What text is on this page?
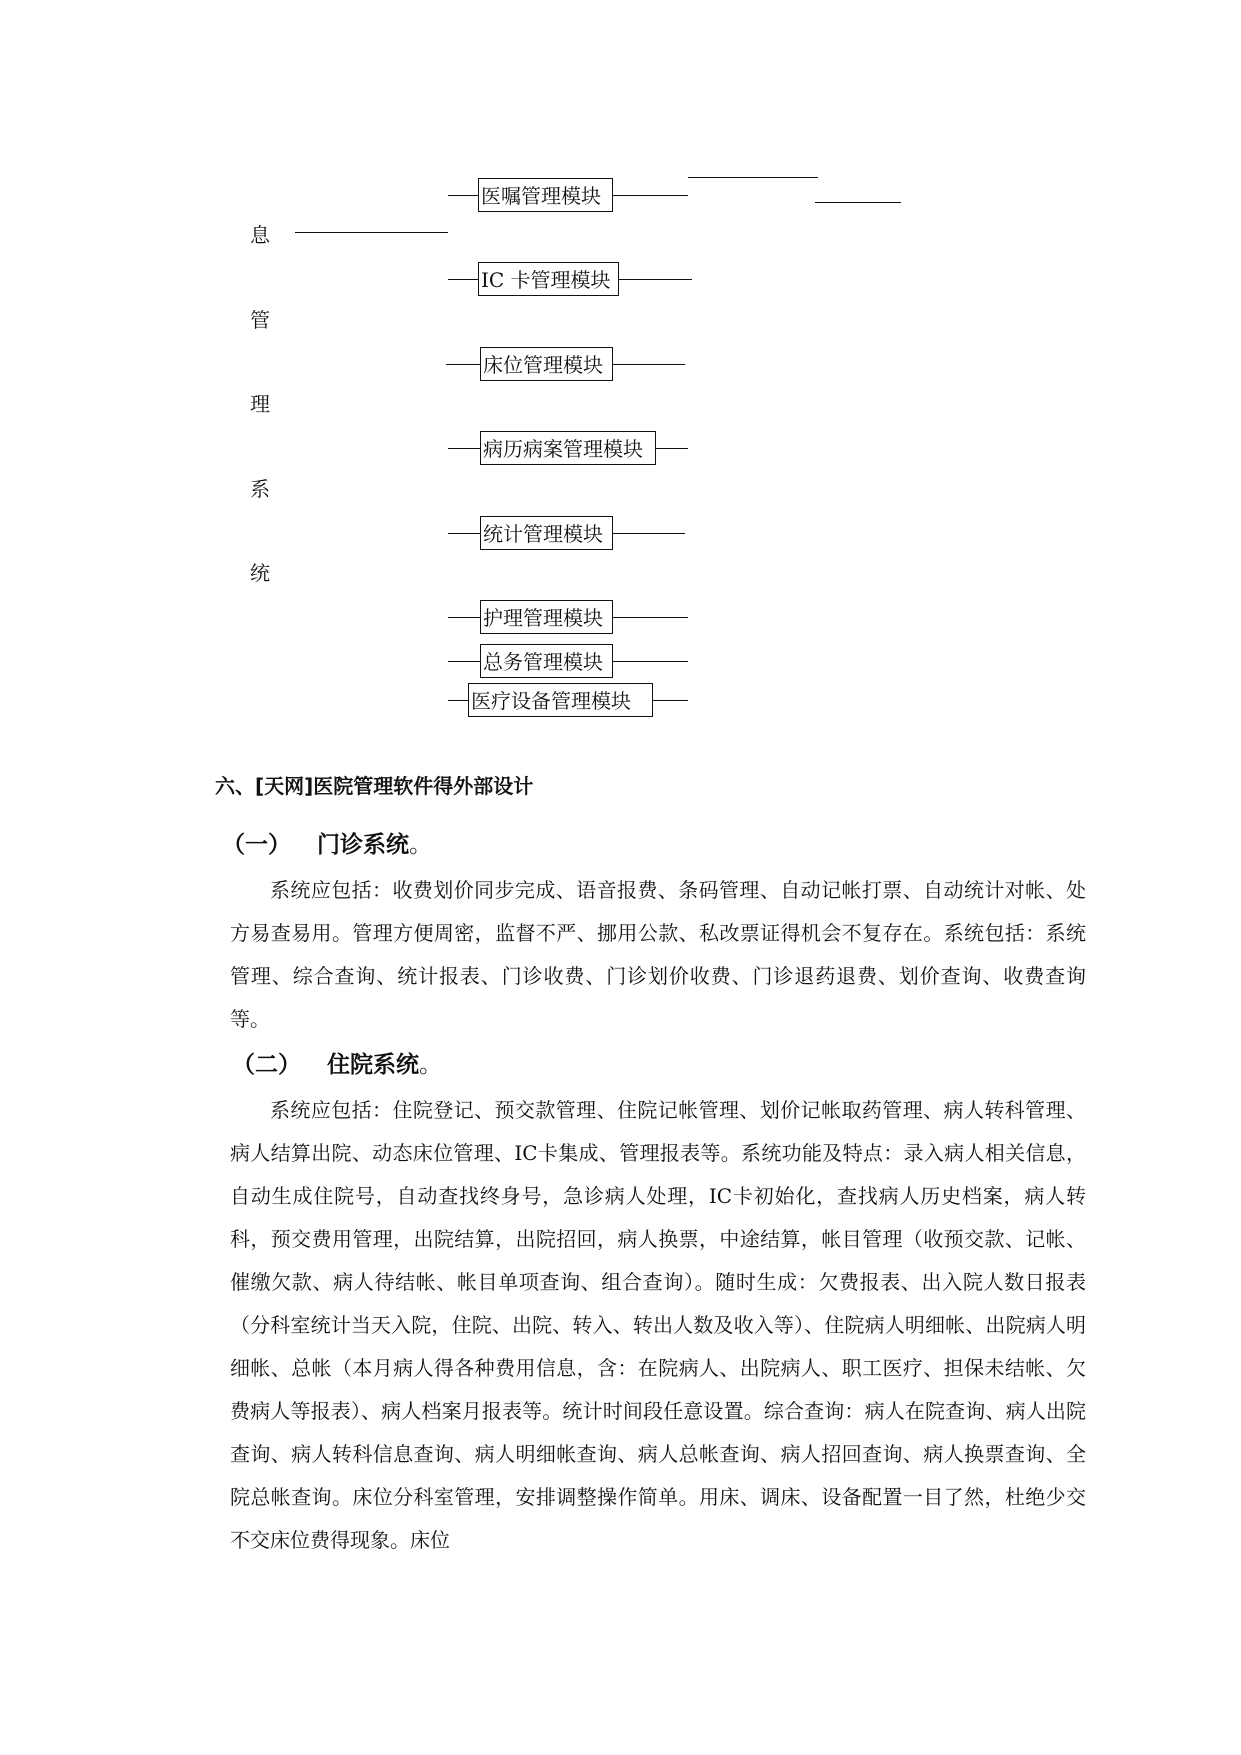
息
管
理
系
统
医嘱管理模块
IC 卡管理模块
床位管理模块
病历病案管理模块
统计管理模块
护理管理模块
总务管理模块
医疗设备管理模块
六、[天网]医院管理软件得外部设计
（一） 门诊系统。

系统应包括：收费划价同步完成、语音报费、条码管理、自动记帐打票、自动统计对帐、处方易查易用。管理方便周密，监督不严、挪用公款、私改票证得机会不复存在。系统包括：系统管理、综合查询、统计报表、门诊收费、门诊划价收费、门诊退药退费、划价查询、收费查询等。

（二） 住院系统。

系统应包括：住院登记、预交款管理、住院记帐管理、划价记帐取药管理、病人转科管理、病人结算出院、动态床位管理、IC卡集成、管理报表等。系统功能及特点：录入病人相关信息，自动生成住院号，自动查找终身号，急诊病人处理，IC卡初始化，查找病人历史档案，病人转科，预交费用管理，出院结算，出院招回，病人换票，中途结算，帐目管理（收预交款、记帐、催缴欠款、病人待结帐、帐目单项查询、组合查询）。随时生成：欠费报表、出入院人数日报表（分科室统计当天入院，住院、出院、转入、转出人数及收入等）、住院病人明细帐、出院病人明细帐、总帐（本月病人得各种费用信息，含：在院病人、出院病人、职工医疗、担保未结帐、欠费病人等报表）、病人档案月报表等。统计时间段任意设置。综合查询：病人在院查询、病人出院查询、病人转科信息查询、病人明细帐查询、病人总帐查询、病人招回查询、病人换票查询、全院总帐查询。床位分科室管理，安排调整操作简单。用床、调床、设备配置一目了然，杜绝少交不交床位费得现象。床位
